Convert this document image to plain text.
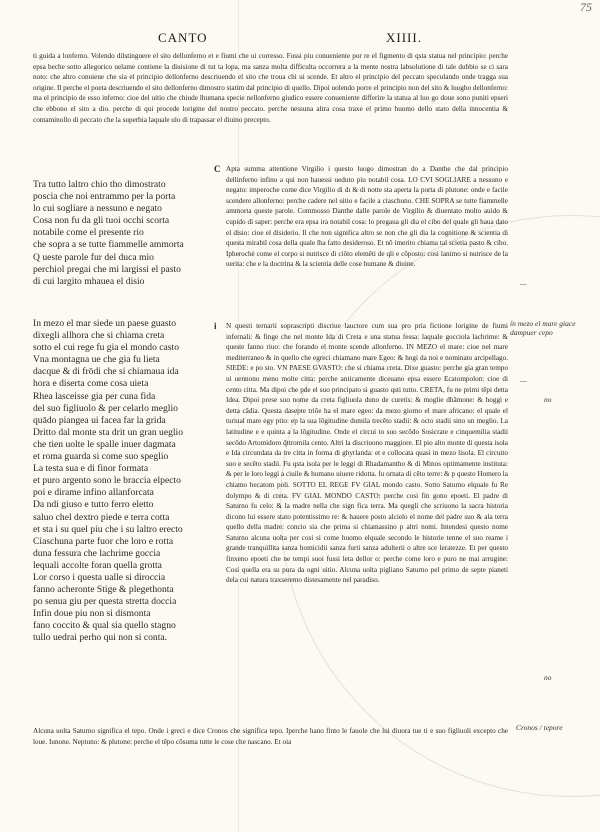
75
CANTO	XIIII.

ti guida a lonferno. Volendo dilstinguere el sito dellonferno et e fiumi che ui corresso. Fussi piu conueniente por re el figmento di qsta statua nel principio: perche epsa beche sotto allegorico uelame contiene la diuisione di tut ta lopa. ma sanza molta difficulta occorrera a la mente nostra labsolutione di tale dubbio se ci sara noto: che altro conuiene che sia el principio dellonferno descriuendo el sito che troua chi ui scende. Et altro el principio del peccato speculando onde tragga sua origine. Il perche el poeta descriuendo el sito dellonferno dimostro statim dal principio di quello. Dipoi uolendo porre el principio non del sito & luogho dellonferno: ma el principio de esso inferno: cioe del uitio che chiude lhumana specie nellonferno giudico essere conueniente differire la statua al luo go doue sono puniti epseri che ebbono el sito a dio. perche di qui procede lorigine del nostro peccato. perche nessuna altra cosa traxe el primo huomo dello stato della innocentia & contaminollo di peccato che la superbia laquale ulo di trapassar el diuino precepto.

Tra tutto laltro chio tho dimostrato
poscia che noi entrammo per la porta
lo cui sogliare a nessuno e negato
Cosa non fu da gli tuoi occhi scorta
notabile come el presente rio
che sopra a se tutte fiammelle ammorta
Q ueste parole fur del duca mio
perchiol pregai che mi largissi el pasto
di cui largito mhauea el disio
In mezo el mar siede un paese guasto
dixegli allhora che si chiama creta
sotto el cui rege fu gia el mondo casto
Vna montagna ue che gia fu lieta
dacque & di frōdi che si chiamaua ida
hora e diserta come cosa uieta
Rhea lasceisse gia per cuna fida
del suo figliuolo & per celarlo meglio
quādo piangea ui facea far la grida
Dritto dal monte sta drit un gran ueglio
che tien uolte le spalle inuer dagmata
et roma guarda si come suo speglio
La testa sua e di finor formata
et puro argento sono le braccia elpecto
poi e dirame infino allanforcata
Da ndi giuso e tutto ferro eletto
saluo chel dextro piede e terra cotta
et sta i su quel piu che i su laltro erecto
Ciaschuna parte fuor che loro e rotta
duna fessura che lachrime goccia
lequali accolte foran quella grotta
Lor corso i questa ualle si diroccia
fanno acheronte Stige & plegethonta
po senua giu per questa stretta doccia
Infin doue piu non si dismonta
fano coccito & qual sia quello stagno
tullo uedrai perho qui non si conta.
C Apta summa attentione Virgilio i questo luogo dimostran do a Danthe che dal principio dellinferno infino a qui non hauessi ueduto piu notabil cosa. LO CVI SOGLIARE a nessuno e negato: imperoche come dice Virgilio di dı & di notte sta aperta la porta di plutone: onde e facile scendere allonferno: perche cadere nel uitio e facile a ciaschuno. CHE SOPRA se tutte fiammelle ammorta queste parole. Commosso Danthe dalle parole de Virgilio & diuentato molto auido & cupido di saper: perche era epsa ira notabil cosa: lo pregaua gli dia el cibo del quale gli haua dato el disio: cioe el disiderio. Il che non significa altro se non che gli dia la cognitione & scientia di questa mirabil cosa della quale lha fatto desideroso. Et nō imerito chiama tal scietia pasto & cibo. Ipherochè come el corpo si nutrisce di ciōto elemēti de qli e cōposto: cosi lanimo si nutrisce de la uerita: che e la doctrina & la scientia delle cose humane & diuine.

i N questi ternarii soprascripti discriue lauctore cum sua pro pria fictione lorigine de fiumi infernali: & finge che nel monte Ida di Creta e una statua fessa: laquale gocciola lachrime: & queste fanno riuo: che forando el monte scende allonferno. IN MEZO el mare: cioe nel mare mediterraneo & in quello che egreci chiamano mare Egeo: & hogi da noi e nominato arcipellago. SIEDE: e po sto. VN PAESE GVASTO: che si chiama creta. Dixe guasto: perche gia gran tempo ui uennono meno molte citta: perche anticamente diceuano epsa essere Ecatompolon: cioe di cento citta. Ma dipoi che pde el suo principato si guasto qsti tutto. CRETA, fu ne primi tēpi detta Idea. Dipoi prese suo nome da creta figliuola duno de curetis: & moglie dhāmone: & hoggi e detta cādia. Questa dasepte triōe ha el mare egeo: da mezo giorno el mare africano: el quale el turiual mare egy ptio: ep la sua lōgitudine dumila trecēto stadii: & octo stadii sino un meglio. La latitudine e e quinta a la lōgitudine. Onde el circui to suo secōdo Sosicrate e cinquemilia stadii secōdo Artomidoro q̃ttromila cento. Altri la discriuono maggiore. El pio alto monte di questa isola e Ida circundata da tre citta in forma di ghyrlanda: et e collocata quasi in mezo lisola. El circuito suo e secēto stadii. Fu qsta isola per le leggi di Rhadamantho & di Minos optimamente instituta: & per le loro leggi a ciuile & humano uiuere ridotta. fu ornata di cēto terre: & p questo Homero la chiamo hecatom poli. SOTTO EL REGE FV GIAL mondo casto. Sotto Saturno elquale fu Re dolympo & di creta. FV GIAL MONDO CASTO: perche cosi fin gono epoeti. El padre di Saturno fu celo: & la madre nella che sign fica terra. Ma quegli che scriuono la sacra historia dicono lui essere stato potentissimo re: & hauere posto alcielo el nome del padre suo & ala terra quello della madre: concio sia che prima si chiamassino p altri nomi. Intendesi questo nome Saturno alcuna uolta per cosi si come huomo elquale secondo le historie tenne el suo reame i grande tranquillita sanza homicidii sanza furti sanza adulterii o altre sce leratezze. Et per questo finxeno epoeti che ne tempi suoi fussi leta dellor o: perche come loro e puro ne mai arrugine: Cosi quella era su pura da ogni uitio. Alcuna uolta pigliano Saturno pel primo de septe pianeti dela cui natura traxseremo distesamente nel paradiso.

Alcuna uolta Saturno significa el tepo. Onde i greci e dice Cronos che significa tepo. Iperche hano finto le fauole che lui diuora tue ti e suo figliuoli excepto che loue. Iunone. Neptuno: & plutone: perche el tēpo cōsuma tutte le cose che nascano. Et oia

—
ín mezo el mare giace dampuer cepo
—
no
no
Cronos / tepore
